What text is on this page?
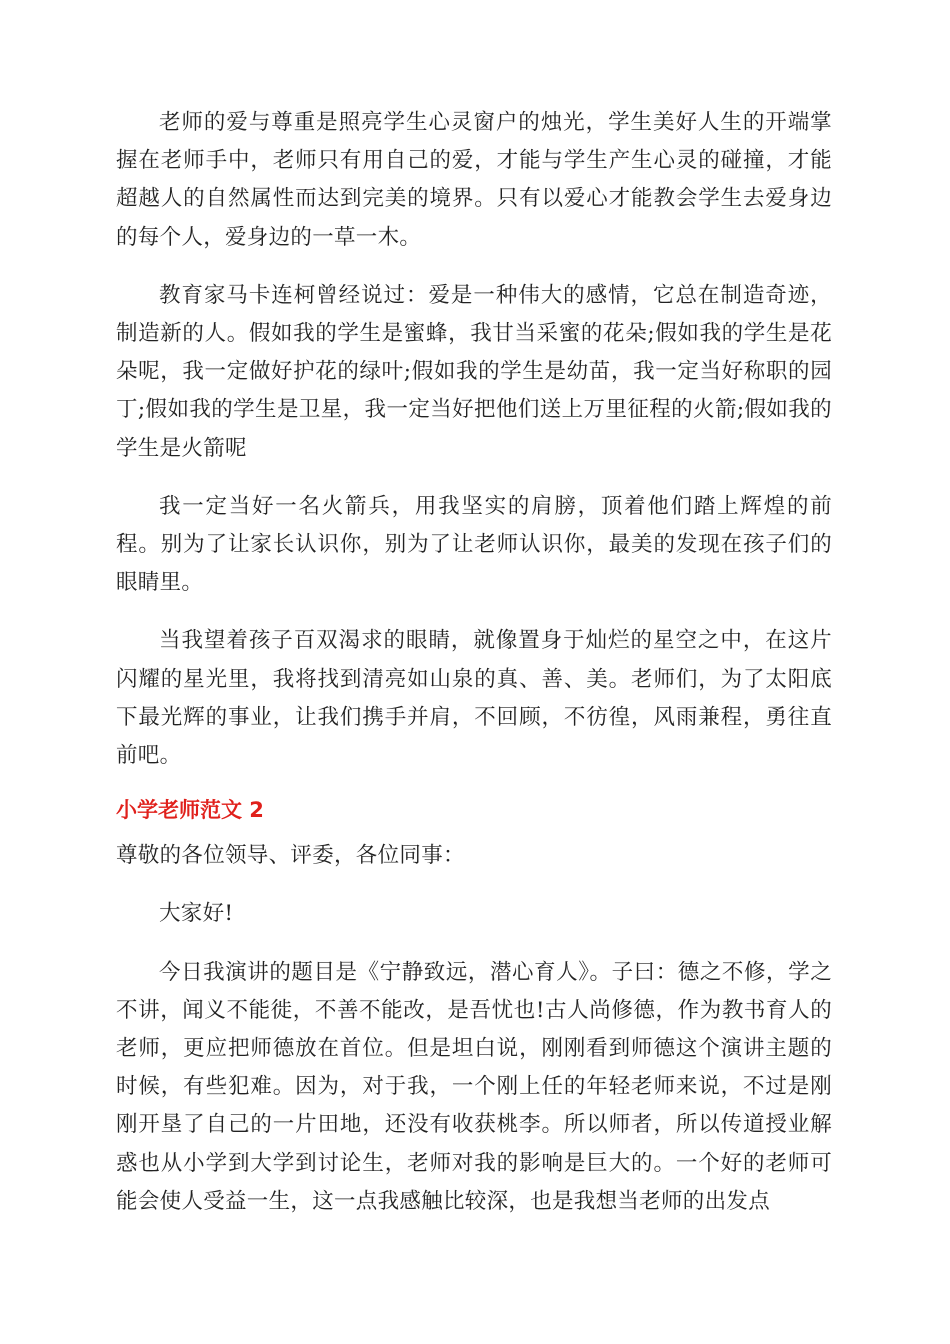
老师的爱与尊重是照亮学生心灵窗户的烛光，学生美好人生的开端掌握在老师手中，老师只有用自己的爱，才能与学生产生心灵的碰撞，才能超越人的自然属性而达到完美的境界。只有以爱心才能教会学生去爱身边的每个人，爱身边的一草一木。

教育家马卡连柯曾经说过：爱是一种伟大的感情，它总在制造奇迹，制造新的人。假如我的学生是蜜蜂，我甘当采蜜的花朵;假如我的学生是花朵呢，我一定做好护花的绿叶;假如我的学生是幼苗，我一定当好称职的园丁;假如我的学生是卫星，我一定当好把他们送上万里征程的火箭;假如我的学生是火箭呢

我一定当好一名火箭兵，用我坚实的肩膀，顶着他们踏上辉煌的前程。别为了让家长认识你，别为了让老师认识你，最美的发现在孩子们的眼睛里。

当我望着孩子百双渴求的眼睛，就像置身于灿烂的星空之中，在这片闪耀的星光里，我将找到清亮如山泉的真、善、美。老师们，为了太阳底下最光辉的事业，让我们携手并肩，不回顾，不彷徨，风雨兼程，勇往直前吧。

小学老师范文 2

尊敬的各位领导、评委，各位同事：

大家好!

今日我演讲的题目是《宁静致远，潜心育人》。子曰：德之不修，学之不讲，闻义不能徙，不善不能改，是吾忧也!古人尚修德，作为教书育人的老师，更应把师德放在首位。但是坦白说，刚刚看到师德这个演讲主题的时候，有些犯难。因为，对于我，一个刚上任的年轻老师来说，不过是刚刚开垦了自己的一片田地，还没有收获桃李。所以师者，所以传道授业解惑也从小学到大学到讨论生，老师对我的影响是巨大的。一个好的老师可能会使人受益一生，这一点我感触比较深，也是我想当老师的出发点
